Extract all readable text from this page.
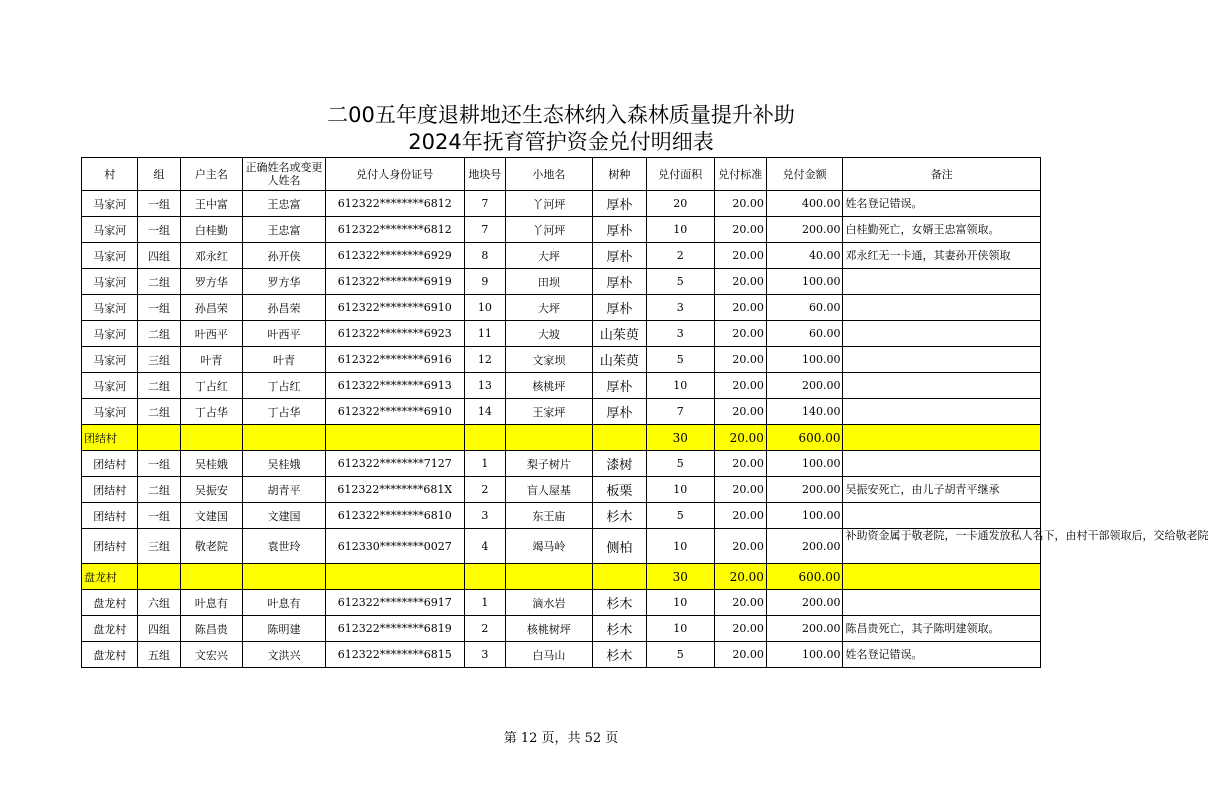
二00五年度退耕地还生态林纳入森林质量提升补助
2024年抚育管护资金兑付明细表
村	组	户主名	正确姓名或变更人姓名	兑付人身份证号	地块号	小地名	树种	兑付面积	兑付标准	兑付金额	备注
马家河	一组	王中富	王忠富	612322********6812	7	丫河坪	厚朴	20	20.00	400.00	姓名登记错误。
马家河	一组	白桂勤	王忠富	612322********6812	7	丫河坪	厚朴	10	20.00	200.00	白桂勤死亡，女婿王忠富领取。
马家河	四组	邓永红	孙开侠	612322********6929	8	大坪	厚朴	2	20.00	40.00	邓永红无一卡通，其妻孙开侠领取
马家河	二组	罗方华	罗方华	612322********6919	9	田坝	厚朴	5	20.00	100.00	
马家河	一组	孙昌荣	孙昌荣	612322********6910	10	大坪	厚朴	3	20.00	60.00	
马家河	二组	叶西平	叶西平	612322********6923	11	大坡	山茱萸	3	20.00	60.00	
马家河	三组	叶青	叶青	612322********6916	12	文家坝	山茱萸	5	20.00	100.00	
马家河	二组	丁占红	丁占红	612322********6913	13	核桃坪	厚朴	10	20.00	200.00	
马家河	二组	丁占华	丁占华	612322********6910	14	王家坪	厚朴	7	20.00	140.00	
团结村								30	20.00	600.00	
团结村	一组	吴桂娥	吴桂娥	612322********7127	1	梨子树片	漆树	5	20.00	100.00	
团结村	二组	吴振安	胡青平	612322********681X	2	盲人屋基	板栗	10	20.00	200.00	吴振安死亡，由儿子胡青平继承
团结村	一组	文建国	文建国	612322********6810	3	东王庙	杉木	5	20.00	100.00	
团结村	三组	敬老院	袁世玲	612330********0027	4	竭马岭	侧柏	10	20.00	200.00	补助资金属于敬老院，一卡通发放私人名下，由村干部领取后，交给敬老院

盘龙村								30	20.00	600.00	
盘龙村	六组	叶息有	叶息有	612322********6917	1	滴水岩	杉木	10	20.00	200.00	
盘龙村	四组	陈昌贵	陈明建	612322********6819	2	核桃树坪	杉木	10	20.00	200.00	陈昌贵死亡，其子陈明建领取。
盘龙村	五组	文宏兴	文洪兴	612322********6815	3	白马山	杉木	5	20.00	100.00	姓名登记错误。
第 12 页，共 52 页
